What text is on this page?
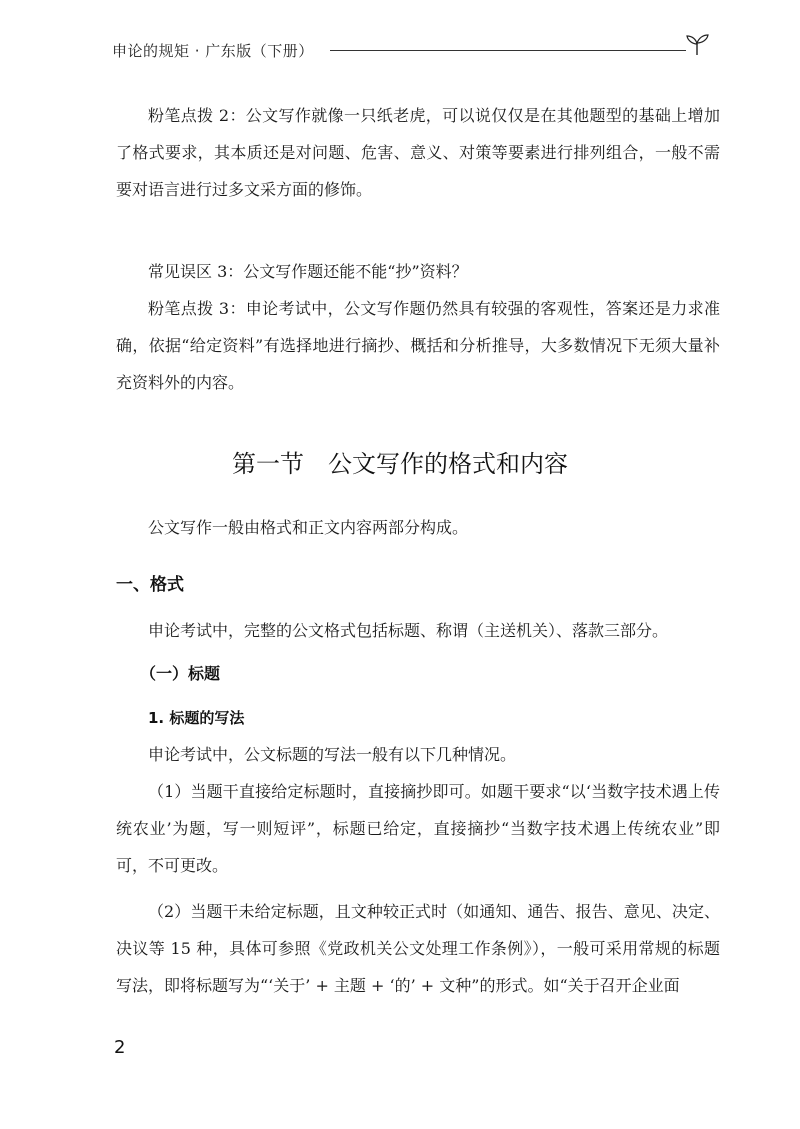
申论的规矩 · 广东版（下册）

粉笔点拨 2：公文写作就像一只纸老虎，可以说仅仅是在其他题型的基础上增加了格式要求，其本质还是对问题、危害、意义、对策等要素进行排列组合，一般不需要对语言进行过多文采方面的修饰。

常见误区 3：公文写作题还能不能“抄”资料？

粉笔点拨 3：申论考试中，公文写作题仍然具有较强的客观性，答案还是力求准确，依据“给定资料”有选择地进行摘抄、概括和分析推导，大多数情况下无须大量补充资料外的内容。

第一节　公文写作的格式和内容

公文写作一般由格式和正文内容两部分构成。

一、格式

申论考试中，完整的公文格式包括标题、称谓（主送机关）、落款三部分。

（一）标题
1. 标题的写法

申论考试中，公文标题的写法一般有以下几种情况。

（1）当题干直接给定标题时，直接摘抄即可。如题干要求“以‘当数字技术遇上传统农业’为题，写一则短评”，标题已给定，直接摘抄“当数字技术遇上传统农业”即可，不可更改。

（2）当题干未给定标题，且文种较正式时（如通知、通告、报告、意见、决定、决议等 15 种，具体可参照《党政机关公文处理工作条例》），一般可采用常规的标题写法，即将标题写为“‘关于’ + 主题 + ‘的’ + 文种”的形式。如“关于召开企业面

2
